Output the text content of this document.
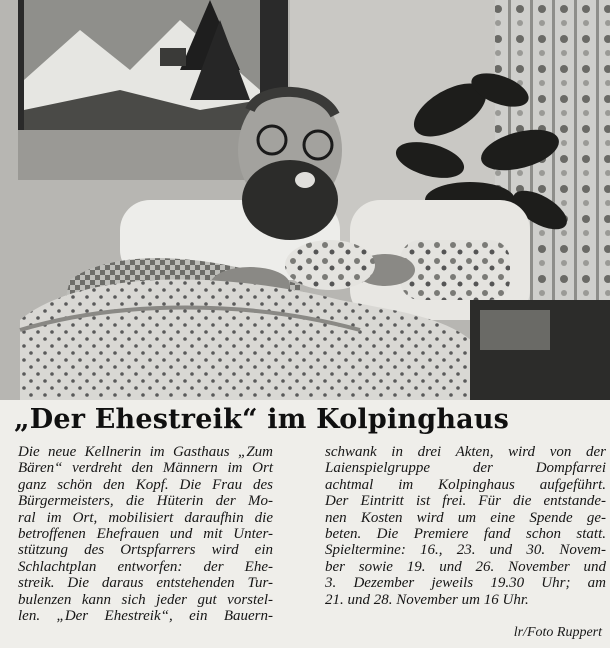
„Der Ehestreik“ im Kolpinghaus
Die neue Kellnerin im Gasthaus „Zum
Bären“ verdreht den Männern im Ort
ganz schön den Kopf. Die Frau des
Bürgermeisters, die Hüterin der Mo-
ral im Ort, mobilisiert daraufhin die
betroffenen Ehefrauen und mit Unter-
stützung des Ortspfarrers wird ein
Schlachtplan entworfen: der Ehe-
streik. Die daraus entstehenden Tur-
bulenzen kann sich jeder gut vorstel-
len. „Der Ehestreik“, ein Bauern-
schwank in drei Akten, wird von der
Laienspielgruppe der Dompfarrei
achtmal im Kolpinghaus aufgeführt.
Der Eintritt ist frei. Für die entstande-
nen Kosten wird um eine Spende ge-
beten. Die Premiere fand schon statt.
Spieltermine: 16., 23. und 30. Novem-
ber sowie 19. und 26. November und
3. Dezember jeweils 19.30 Uhr; am
21. und 28. November um 16 Uhr.
lr/Foto Ruppert
